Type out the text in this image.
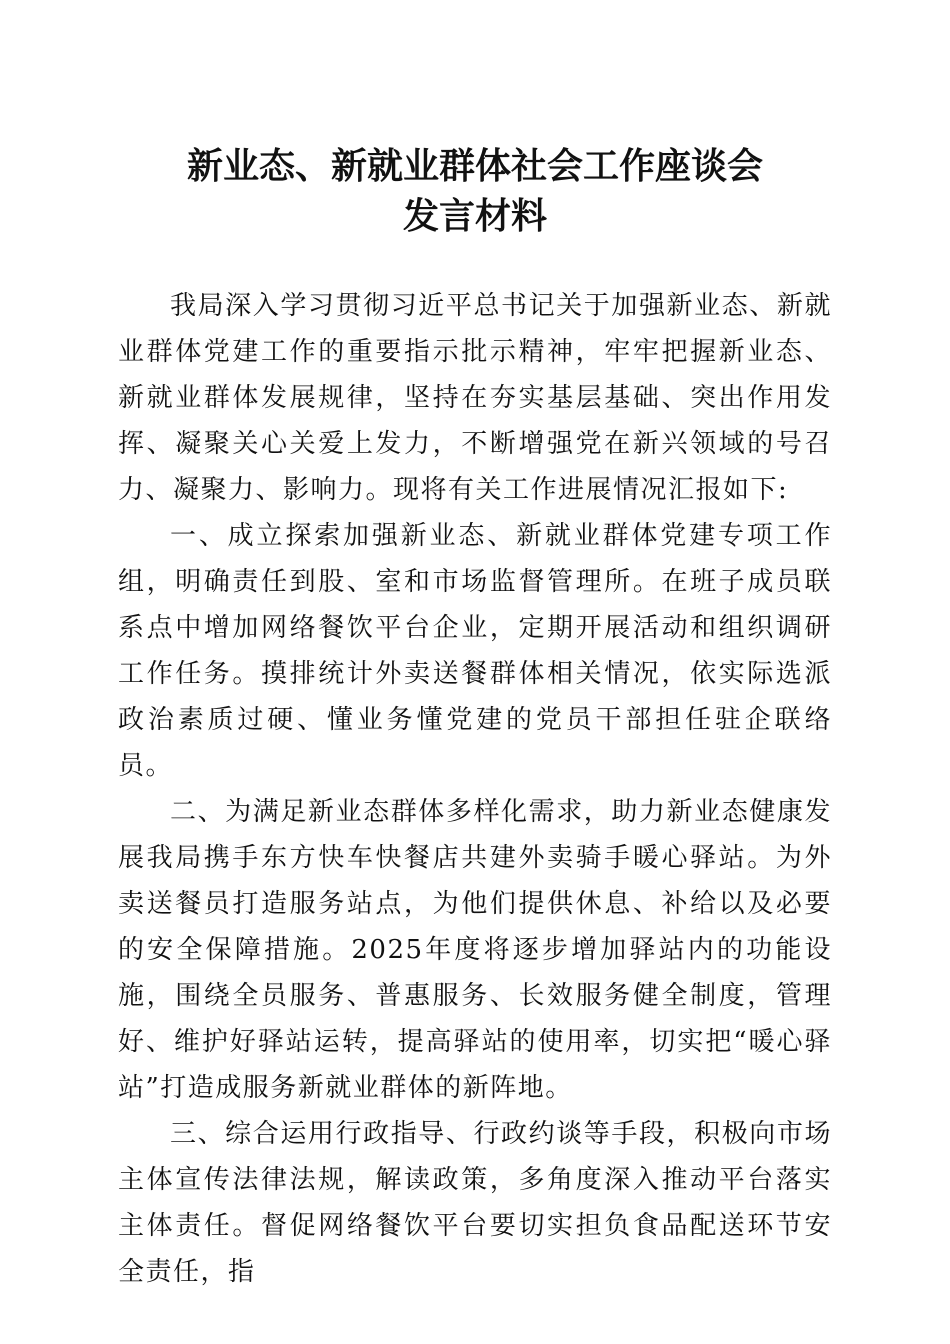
新业态、新就业群体社会工作座谈会
发言材料

我局深入学习贯彻习近平总书记关于加强新业态、新就业群体党建工作的重要指示批示精神，牢牢把握新业态、新就业群体发展规律，坚持在夯实基层基础、突出作用发挥、凝聚关心关爱上发力，不断增强党在新兴领域的号召力、凝聚力、影响力。现将有关工作进展情况汇报如下:

一、成立探索加强新业态、新就业群体党建专项工作组，明确责任到股、室和市场监督管理所。在班子成员联系点中增加网络餐饮平台企业，定期开展活动和组织调研工作任务。摸排统计外卖送餐群体相关情况，依实际选派政治素质过硬、懂业务懂党建的党员干部担任驻企联络员。

二、为满足新业态群体多样化需求，助力新业态健康发展我局携手东方快车快餐店共建外卖骑手暖心驿站。为外卖送餐员打造服务站点，为他们提供休息、补给以及必要的安全保障措施。2025年度将逐步增加驿站内的功能设施，围绕全员服务、普惠服务、长效服务健全制度，管理好、维护好驿站运转，提高驿站的使用率，切实把“暖心驿站”打造成服务新就业群体的新阵地。

三、综合运用行政指导、行政约谈等手段，积极向市场主体宣传法律法规，解读政策，多角度深入推动平台落实主体责任。督促网络餐饮平台要切实担负食品配送环节安全责任，指
